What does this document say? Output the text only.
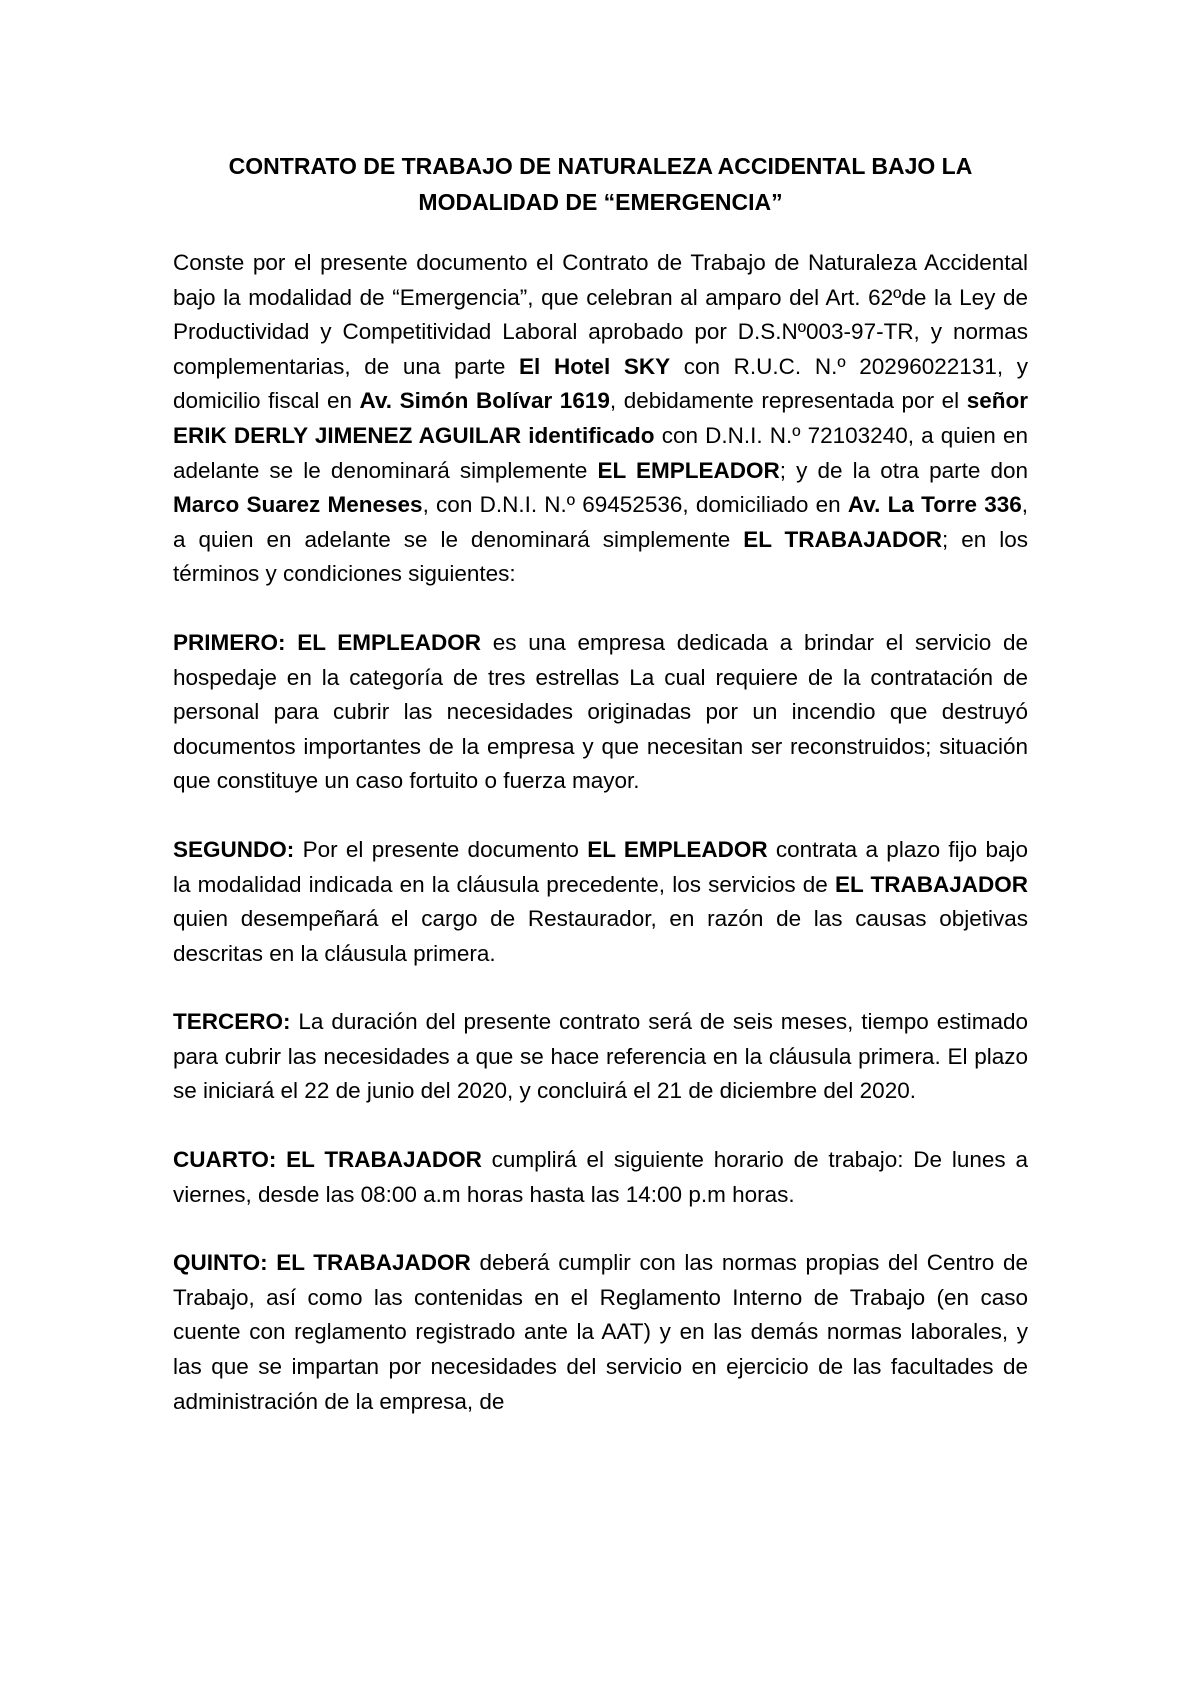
CONTRATO DE TRABAJO DE NATURALEZA ACCIDENTAL BAJO LA
MODALIDAD DE “EMERGENCIA”

Conste por el presente documento el Contrato de Trabajo de Naturaleza Accidental bajo la modalidad de “Emergencia”, que celebran al amparo del Art. 62ºde la Ley de Productividad y Competitividad Laboral aprobado por D.S.Nº003-97-TR, y normas complementarias, de una parte El Hotel SKY con R.U.C. N.º 20296022131, y domicilio fiscal en Av. Simón Bolívar 1619, debidamente representada por el señor ERIK DERLY JIMENEZ AGUILAR identificado con D.N.I. N.º 72103240, a quien en adelante se le denominará simplemente EL EMPLEADOR; y de la otra parte don Marco Suarez Meneses, con D.N.I. N.º 69452536, domiciliado en Av. La Torre 336, a quien en adelante se le denominará simplemente EL TRABAJADOR; en los términos y condiciones siguientes:

PRIMERO: EL EMPLEADOR es una empresa dedicada a brindar el servicio de hospedaje en la categoría de tres estrellas La cual requiere de la contratación de personal para cubrir las necesidades originadas por un incendio que destruyó documentos importantes de la empresa y que necesitan ser reconstruidos; situación que constituye un caso fortuito o fuerza mayor.

SEGUNDO: Por el presente documento EL EMPLEADOR contrata a plazo fijo bajo la modalidad indicada en la cláusula precedente, los servicios de EL TRABAJADOR quien desempeñará el cargo de Restaurador, en razón de las causas objetivas descritas en la cláusula primera.

TERCERO: La duración del presente contrato será de seis meses, tiempo estimado para cubrir las necesidades a que se hace referencia en la cláusula primera. El plazo se iniciará el 22 de junio del 2020, y concluirá el 21 de diciembre del 2020.

CUARTO: EL TRABAJADOR cumplirá el siguiente horario de trabajo: De lunes a viernes, desde las 08:00 a.m horas hasta las 14:00 p.m horas.

QUINTO: EL TRABAJADOR deberá cumplir con las normas propias del Centro de Trabajo, así como las contenidas en el Reglamento Interno de Trabajo (en caso cuente con reglamento registrado ante la AAT) y en las demás normas laborales, y las que se impartan por necesidades del servicio en ejercicio de las facultades de administración de la empresa, de
